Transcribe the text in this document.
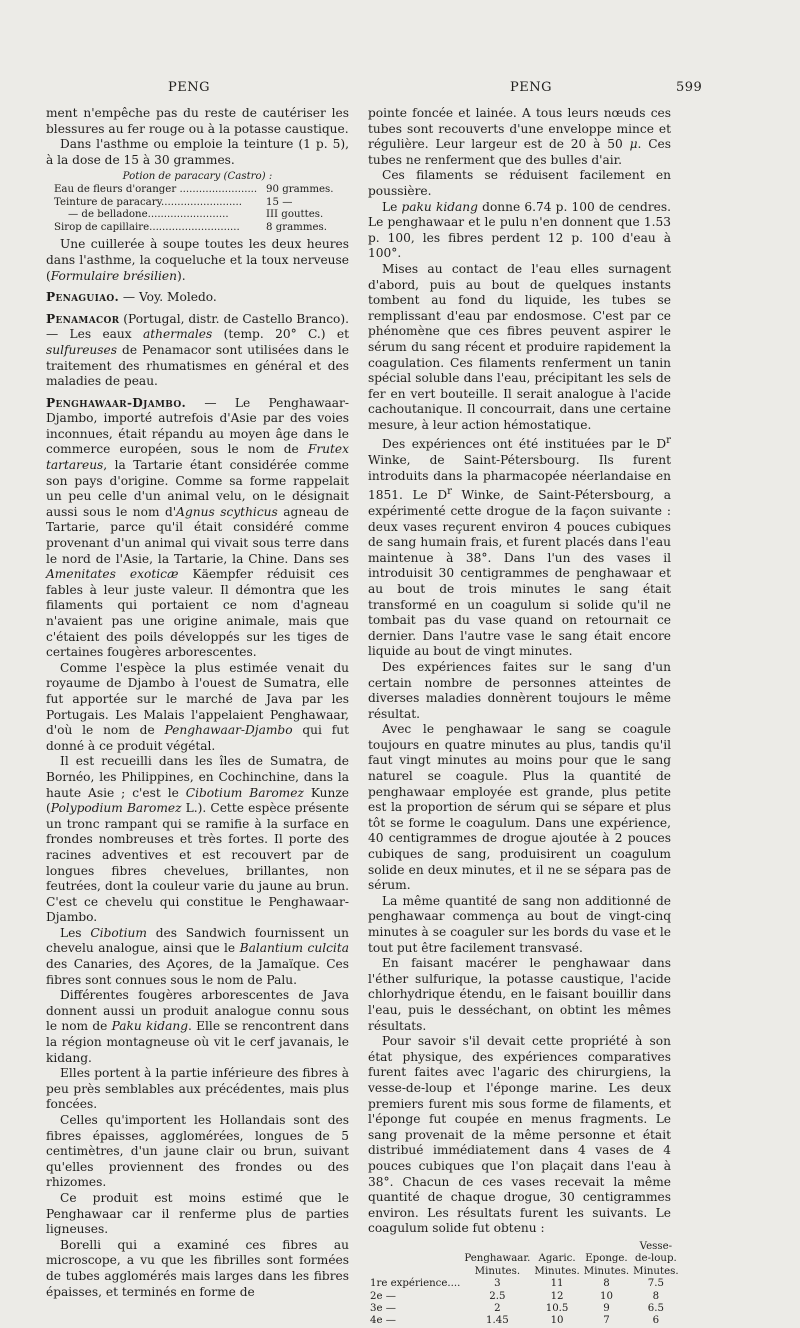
PENG	PENG	599

ment n'empêche pas du reste de cautériser les blessures au fer rouge ou à la potasse caustique.

Dans l'asthme ou emploie la teinture (1 p. 5), à la dose de 15 à 30 grammes.

Potion de paracary (Castro) :
Eau de fleurs d'oranger ........................ 90 grammes.
Teinture de paracary.........................	15 —
— de belladone.........................	III gouttes.
Sirop de capillaire............................	8 grammes.

Une cuillerée à soupe toutes les deux heures dans l'asthme, la coqueluche et la toux nerveuse (Formulaire brésilien).

Penaguiao. — Voy. Moledo.

Penamacor (Portugal, distr. de Castello Branco). — Les eaux athermales (temp. 20° C.) et sulfureuses de Penamacor sont utilisées dans le traitement des rhumatismes en général et des maladies de peau.

Penghawaar-Djambo. — Le Penghawaar-Djambo, importé autrefois d'Asie par des voies inconnues, était répandu au moyen âge dans le commerce européen, sous le nom de Frutex tartareus, la Tartarie étant considérée comme son pays d'origine. Comme sa forme rappelait un peu celle d'un animal velu, on le désignait aussi sous le nom d'Agnus scythicus agneau de Tartarie, parce qu'il était considéré comme provenant d'un animal qui vivait sous terre dans le nord de l'Asie, la Tartarie, la Chine. Dans ses Amenitates exoticæ Käempfer réduisit ces fables à leur juste valeur. Il démontra que les filaments qui portaient ce nom d'agneau n'avaient pas une origine animale, mais que c'étaient des poils développés sur les tiges de certaines fougères arborescentes.

Comme l'espèce la plus estimée venait du royaume de Djambo à l'ouest de Sumatra, elle fut apportée sur le marché de Java par les Portugais. Les Malais l'appelaient Penghawaar, d'où le nom de Penghawaar-Djambo qui fut donné à ce produit végétal.

Il est recueilli dans les îles de Sumatra, de Bornéo, les Philippines, en Cochinchine, dans la haute Asie ; c'est le Cibotium Baromez Kunze (Polypodium Baromez L.). Cette espèce présente un tronc rampant qui se ramifie à la surface en frondes nombreuses et très fortes. Il porte des racines adventives et est recouvert par de longues fibres chevelues, brillantes, non feutrées, dont la couleur varie du jaune au brun. C'est ce chevelu qui constitue le Penghawaar-Djambo.

Les Cibotium des Sandwich fournissent un chevelu analogue, ainsi que le Balantium culcita des Canaries, des Açores, de la Jamaïque. Ces fibres sont connues sous le nom de Palu.

Différentes fougères arborescentes de Java donnent aussi un produit analogue connu sous le nom de Paku kidang. Elle se rencontrent dans la région montagneuse où vit le cerf javanais, le kidang.

Elles portent à la partie inférieure des fibres à peu près semblables aux précédentes, mais plus foncées.

Celles qu'importent les Hollandais sont des fibres épaisses, agglomérées, longues de 5 centimètres, d'un jaune clair ou brun, suivant qu'elles proviennent des frondes ou des rhizomes.

Ce produit est moins estimé que le Penghawaar car il renferme plus de parties ligneuses.

Borelli qui a examiné ces fibres au microscope, a vu que les fibrilles sont formées de tubes agglomérés mais larges dans les fibres épaisses, et terminés en forme de

pointe foncée et lainée. A tous leurs nœuds ces tubes sont recouverts d'une enveloppe mince et régulière. Leur largeur est de 20 à 50 μ. Ces tubes ne renferment que des bulles d'air.

Ces filaments se réduisent facilement en poussière.

Le paku kidang donne 6.74 p. 100 de cendres. Le penghawaar et le pulu n'en donnent que 1.53 p. 100, les fibres perdent 12 p. 100 d'eau à 100°.

Mises au contact de l'eau elles surnagent d'abord, puis au bout de quelques instants tombent au fond du liquide, les tubes se remplissant d'eau par endosmose. C'est par ce phénomène que ces fibres peuvent aspirer le sérum du sang récent et produire rapidement la coagulation. Ces filaments renferment un tanin spécial soluble dans l'eau, précipitant les sels de fer en vert bouteille. Il serait analogue à l'acide cachoutanique. Il concourrait, dans une certaine mesure, à leur action hémostatique.

Des expériences ont été instituées par le $D^r$ Winke, de Saint-Pétersbourg. Ils furent introduits dans la pharmacopée néerlandaise en 1851. Le $D^r$ Winke, de Saint-Pétersbourg, a expérimenté cette drogue de la façon suivante : deux vases reçurent environ 4 pouces cubiques de sang humain frais, et furent placés dans l'eau maintenue à 38°. Dans l'un des vases il introduisit 30 centigrammes de penghawaar et au bout de trois minutes le sang était transformé en un coagulum si solide qu'il ne tombait pas du vase quand on retournait ce dernier. Dans l'autre vase le sang était encore liquide au bout de vingt minutes.

Des expériences faites sur le sang d'un certain nombre de personnes atteintes de diverses maladies donnèrent toujours le même résultat.

Avec le penghawaar le sang se coagule toujours en quatre minutes au plus, tandis qu'il faut vingt minutes au moins pour que le sang naturel se coagule. Plus la quantité de penghawaar employée est grande, plus petite est la proportion de sérum qui se sépare et plus tôt se forme le coagulum. Dans une expérience, 40 centigrammes de drogue ajoutée à 2 pouces cubiques de sang, produisirent un coagulum solide en deux minutes, et il ne se sépara pas de sérum.

La même quantité de sang non additionné de penghawaar commença au bout de vingt-cinq minutes à se coaguler sur les bords du vase et le tout put être facilement transvasé.

En faisant macérer le penghawaar dans l'éther sulfurique, la potasse caustique, l'acide chlorhydrique étendu, en le faisant bouillir dans l'eau, puis le desséchant, on obtint les mêmes résultats.

Pour savoir s'il devait cette propriété à son état physique, des expériences comparatives furent faites avec l'agaric des chirurgiens, la vesse-de-loup et l'éponge marine. Les deux premiers furent mis sous forme de filaments, et l'éponge fut coupée en menus fragments. Le sang provenait de la même personne et était distribué immédiatement dans 4 vases de 4 pouces cubiques que l'on plaçait dans l'eau à 38°. Chacun de ces vases recevait la même quantité de chaque drogue, 30 centigrammes environ. Les résultats furent les suivants. Le coagulum solide fut obtenu :

	Penghawaar.	Agaric.	Eponge.	Vesse-de-loup.
	Minutes.	Minutes.	Minutes.	Minutes.
1re expérience....	3	11	8	7.5
2e —	2.5	12	10	8
3e —	2	10.5	9	6.5
4e —	1.45	10	7	6
